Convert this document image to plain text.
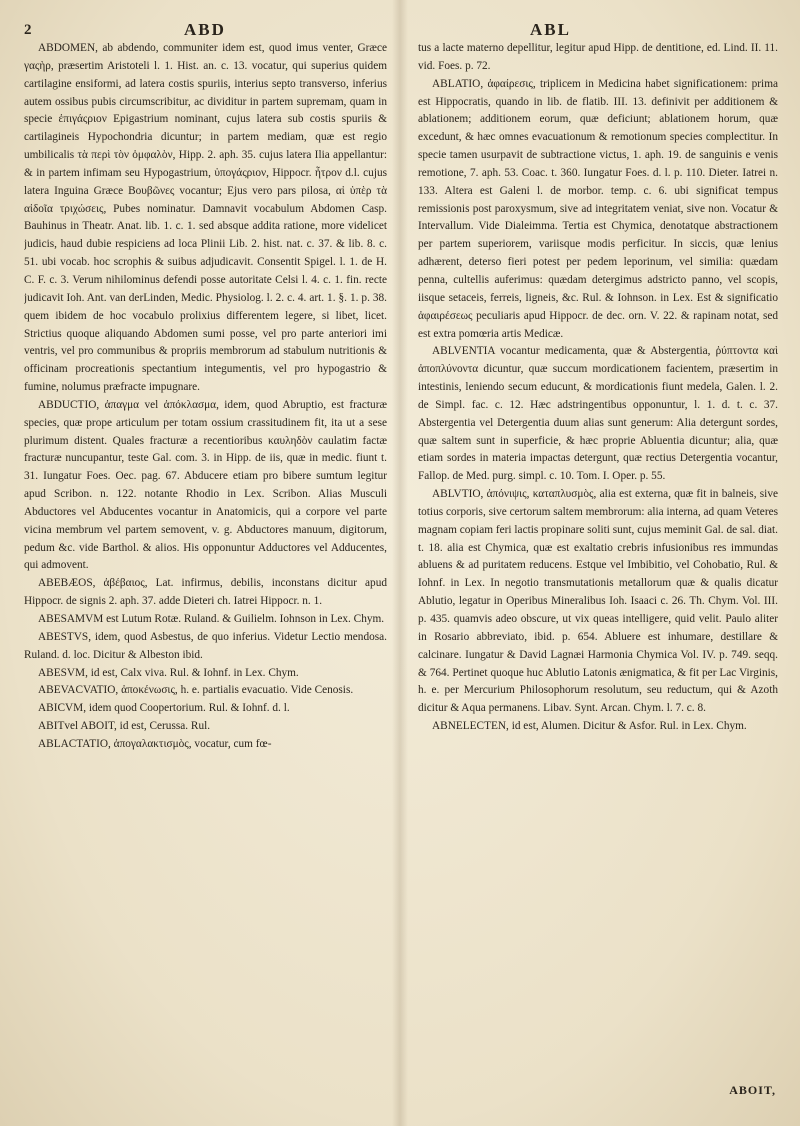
2	ABD	ABL

ABDOMEN, ab abdendo, communiter idem est, quod imus venter, Græce γαςὴρ, præsertim Aristoteli l. 1. Hist. an. c. 13. vocatur, qui superius quidem cartilagine ensiformi, ad latera costis spuriis, interius septo transverso, inferius autem ossibus pubis circumscribitur, ac dividitur in partem supremam, quam in specie ἐπιγάςριον Epigastrium nominant, cujus latera sub costis spuriis & cartilagineis Hypochondria dicuntur; in partem mediam, quæ est regio umbilicalis τὰ περὶ τὸν ὀμφαλὸν, Hipp. 2. aph. 35. cujus latera Ilia appellantur: & in partem infimam seu Hypogastrium, ὑπογάςριον, Hippocr. ἦτρον d.l. cujus latera Inguina Græce Βουβῶνες vocantur; Ejus vero pars pilosa, αἱ ὑπὲρ τὰ αἰδοῖα τριχώσεις, Pubes nominatur. Damnavit vocabulum Abdomen Casp. Bauhinus in Theatr. Anat. lib. 1. c. 1. sed absque addita ratione, more videlicet judicis, haud dubie respiciens ad loca Plinii Lib. 2. hist. nat. c. 37. & lib. 8. c. 51. ubi vocab. hoc scrophis & suibus adjudicavit. Consentit Spigel. l. 1. de H. C. F. c. 3. Verum nihilominus defendi posse autoritate Celsi l. 4. c. 1. fin. recte judicavit Ioh. Ant. van derLinden, Medic. Physiolog. l. 2. c. 4. art. 1. §. 1. p. 38. quem ibidem de hoc vocabulo prolixius differentem legere, si libet, licet. Strictius quoque aliquando Abdomen sumi posse, vel pro parte anteriori imi ventris, vel pro communibus & propriis membrorum ad stabulum nutritionis & officinam procreationis spectantium integumentis, vel pro hypogastrio & fumine, nolumus præfracte impugnare.

ABDUCTIO, ἀπαγμα vel ἀπόκλασμα, idem, quod Abruptio, est fracturæ species, quæ prope articulum per totam ossium crassitudinem fit, ita ut a sese plurimum distent. Quales fracturæ a recentioribus καυληδὸν caulatim factæ fracturæ nuncupantur, teste Gal. com. 3. in Hipp. de iis, quæ in medic. fiunt t. 31. Iungatur Foes. Oec. pag. 67. Abducere etiam pro bibere sumtum legitur apud Scribon. n. 122. notante Rhodio in Lex. Scribon. Alias Musculi Abductores vel Abducentes vocantur in Anatomicis, qui a corpore vel parte vicina membrum vel partem semovent, v. g. Abductores manuum, digitorum, pedum &c. vide Barthol. & alios. His opponuntur Adductores vel Adducentes, qui admovent.

ABEBÆOS, ἀβέβαιος, Lat. infirmus, debilis, inconstans dicitur apud Hippocr. de signis 2. aph. 37. adde Dieteri ch. Iatrei Hippocr. n. 1.

ABESAMVM est Lutum Rotæ. Ruland. & Guilielm. Iohnson in Lex. Chym.

ABESTVS, idem, quod Asbestus, de quo inferius. Videtur Lectio mendosa. Ruland. d. loc. Dicitur & Albeston ibid.

ABESVM, id est, Calx viva. Rul. & Iohnf. in Lex. Chym.

ABEVACVATIO, ἀποκένωσις, h. e. partialis evacuatio. Vide Cenosis.

ABICVM, idem quod Coopertorium. Rul. & Iohnf. d. l.

ABITvel ABOIT, id est, Cerussa. Rul.

ABLACTATIO, ἀπογαλακτισμὸς, vocatur, cum fœ-

tus a lacte materno depellitur, legitur apud Hipp. de dentitione, ed. Lind. II. 11. vid. Foes. p. 72.

ABLATIO, ἀφαίρεσις, triplicem in Medicina habet significationem: prima est Hippocratis, quando in lib. de flatib. III. 13. definivit per additionem & ablationem; additionem eorum, quæ deficiunt; ablationem horum, quæ excedunt, & hæc omnes evacuationum & remotionum species complectitur. In specie tamen usurpavit de subtractione victus, 1. aph. 19. de sanguinis e venis remotione, 7. aph. 53. Coac. t. 360. Iungatur Foes. d. l. p. 110. Dieter. Iatrei n. 133. Altera est Galeni l. de morbor. temp. c. 6. ubi significat tempus remissionis post paroxysmum, sive ad integritatem veniat, sive non. Vocatur & Intervallum. Vide Dialeimma. Tertia est Chymica, denotatque abstractionem per partem superiorem, variisque modis perficitur. In siccis, quæ lenius adhærent, deterso fieri potest per pedem leporinum, vel similia: quædam penna, cultellis auferimus: quædam detergimus adstricto panno, vel scopis, iisque setaceis, ferreis, ligneis, &c. Rul. & Iohnson. in Lex. Est & significatio ἀφαιρέσεως peculiaris apud Hippocr. de dec. orn. V. 22. & rapinam notat, sed est extra pomœria artis Medicæ.

ABLVENTIA vocantur medicamenta, quæ & Abstergentia, ῥύπτοντα καὶ ἀποπλύνοντα dicuntur, quæ succum mordicationem facientem, præsertim in intestinis, leniendo secum educunt, & mordicationis fiunt medela, Galen. l. 2. de Simpl. fac. c. 12. Hæc adstringentibus opponuntur, l. 1. d. t. c. 37. Abstergentia vel Detergentia duum alias sunt generum: Alia detergunt sordes, quæ saltem sunt in superficie, & hæc proprie Abluentia dicuntur; alia, quæ etiam sordes in materia impactas detergunt, quæ rectius Detergentia vocantur, Fallop. de Med. purg. simpl. c. 10. Tom. I. Oper. p. 55.

ABLVTIO, ἀπόνιψις, καταπλυσμὸς, alia est externa, quæ fit in balneis, sive totius corporis, sive certorum saltem membrorum: alia interna, ad quam Veteres magnam copiam feri lactis propinare soliti sunt, cujus meminit Gal. de sal. diat. t. 18. alia est Chymica, quæ est exaltatio crebris infusionibus res immundas abluens & ad puritatem reducens. Estque vel Imbibitio, vel Cohobatio, Rul. & Iohnf. in Lex. In negotio transmutationis metallorum quæ & qualis dicatur Ablutio, legatur in Operibus Mineralibus Ioh. Isaaci c. 26. Th. Chym. Vol. III. p. 435. quamvis adeo obscure, ut vix queas intelligere, quid velit. Paulo aliter in Rosario abbreviato, ibid. p. 654. Abluere est inhumare, destillare & calcinare. Iungatur & David Lagnæi Harmonia Chymica Vol. IV. p. 749. seqq. & 764. Pertinet quoque huc Ablutio Latonis ænigmatica, & fit per Lac Virginis, h. e. per Mercurium Philosophorum resolutum, seu reductum, qui & Azoth dicitur & Aqua permanens. Libav. Synt. Arcan. Chym. l. 7. c. 8.

ABNELECTEN, id est, Alumen. Dicitur & Asfor. Rul. in Lex. Chym.

ABOIT,
